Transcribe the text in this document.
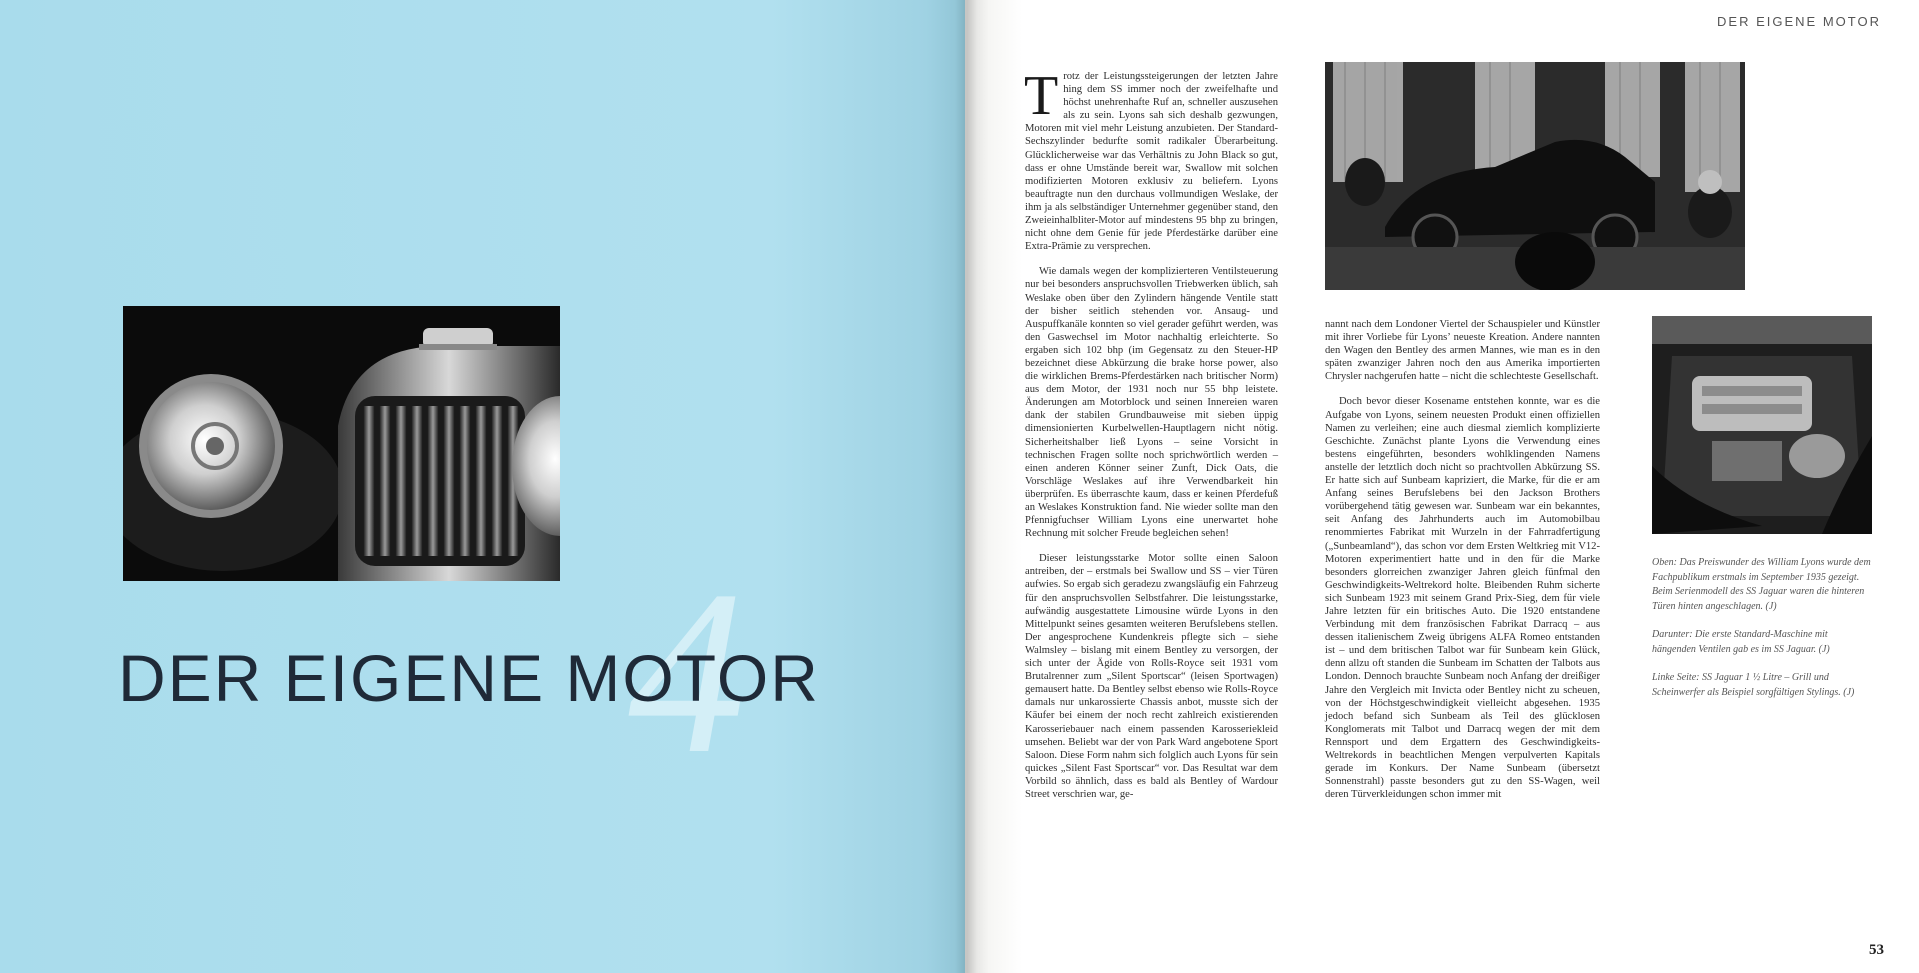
4
DER EIGENE MOTOR
DER EIGENE MOTOR

Trotz der Leistungssteigerungen der letzten Jahre hing dem SS immer noch der zweifelhafte und höchst unehrenhafte Ruf an, schneller auszusehen als zu sein. Lyons sah sich deshalb gezwungen, Motoren mit viel mehr Leistung anzubieten. Der Standard-Sechszylinder bedurfte somit radikaler Überarbeitung. Glücklicherweise war das Verhältnis zu John Black so gut, dass er ohne Umstände bereit war, Swallow mit solchen modifizierten Motoren exklusiv zu beliefern. Lyons beauftragte nun den durchaus vollmundigen Weslake, der ihm ja als selbständiger Unternehmer gegenüber stand, den Zweieinhalbliter-Motor auf mindestens 95 bhp zu bringen, nicht ohne dem Genie für jede Pferdestärke darüber eine Extra-Prämie zu versprechen.

Wie damals wegen der komplizierteren Ventilsteuerung nur bei besonders anspruchsvollen Triebwerken üblich, sah Weslake oben über den Zylindern hängende Ventile statt der bisher seitlich stehenden vor. Ansaug- und Auspuffkanäle konnten so viel gerader geführt werden, was den Gaswechsel im Motor nachhaltig erleichterte. So ergaben sich 102 bhp (im Gegensatz zu den Steuer-HP bezeichnet diese Abkürzung die brake horse power, also die wirklichen Brems-Pferdestärken nach britischer Norm) aus dem Motor, der 1931 noch nur 55 bhp leistete. Änderungen am Motorblock und seinen Innereien waren dank der stabilen Grundbauweise mit sieben üppig dimensionierten Kurbelwellen-Hauptlagern nicht nötig. Sicherheitshalber ließ Lyons – seine Vorsicht in technischen Fragen sollte noch sprichwörtlich werden – einen anderen Könner seiner Zunft, Dick Oats, die Vorschläge Weslakes auf ihre Verwendbarkeit hin überprüfen. Es überraschte kaum, dass er keinen Pferdefuß an Weslakes Konstruktion fand. Nie wieder sollte man den Pfennigfuchser William Lyons eine unerwartet hohe Rechnung mit solcher Freude begleichen sehen!

Dieser leistungsstarke Motor sollte einen Saloon antreiben, der – erstmals bei Swallow und SS – vier Türen aufwies. So ergab sich geradezu zwangsläufig ein Fahrzeug für den anspruchsvollen Selbstfahrer. Die leistungsstarke, aufwändig ausgestattete Limousine würde Lyons in den Mittelpunkt seines gesamten weiteren Berufslebens stellen. Der angesprochene Kundenkreis pflegte sich – siehe Walmsley – bislang mit einem Bentley zu versorgen, der sich unter der Ägide von Rolls-Royce seit 1931 vom Brutalrenner zum „Silent Sportscar“ (leisen Sportwagen) gemausert hatte. Da Bentley selbst ebenso wie Rolls-Royce damals nur unkarossierte Chassis anbot, musste sich der Käufer bei einem der noch recht zahlreich existierenden Karosseriebauer nach einem passenden Karosseriekleid umsehen. Beliebt war der von Park Ward angebotene Sport Saloon. Diese Form nahm sich folglich auch Lyons für sein quickes „Silent Fast Sportscar“ vor. Das Resultat war dem Vorbild so ähnlich, dass es bald als Bentley of Wardour Street verschrien war, ge-

nannt nach dem Londoner Viertel der Schauspieler und Künstler mit ihrer Vorliebe für Lyons’ neueste Kreation. Andere nannten den Wagen den Bentley des armen Mannes, wie man es in den späten zwanziger Jahren noch den aus Amerika importierten Chrysler nachgerufen hatte – nicht die schlechteste Gesellschaft.

Doch bevor dieser Kosename entstehen konnte, war es die Aufgabe von Lyons, seinem neuesten Produkt einen offiziellen Namen zu verleihen; eine auch diesmal ziemlich komplizierte Geschichte. Zunächst plante Lyons die Verwendung eines bestens eingeführten, besonders wohlklingenden Namens anstelle der letztlich doch nicht so prachtvollen Abkürzung SS. Er hatte sich auf Sunbeam kapriziert, die Marke, für die er am Anfang seines Berufslebens bei den Jackson Brothers vorübergehend tätig gewesen war. Sunbeam war ein bekanntes, seit Anfang des Jahrhunderts auch im Automobilbau renommiertes Fabrikat mit Wurzeln in der Fahrradfertigung („Sunbeamland“), das schon vor dem Ersten Weltkrieg mit V12-Motoren experimentiert hatte und in den für die Marke besonders glorreichen zwanziger Jahren gleich fünfmal den Geschwindigkeits-Weltrekord holte. Bleibenden Ruhm sicherte sich Sunbeam 1923 mit seinem Grand Prix-Sieg, dem für viele Jahre letzten für ein britisches Auto. Die 1920 entstandene Verbindung mit dem französischen Fabrikat Darracq – aus dessen italienischem Zweig übrigens ALFA Romeo entstanden ist – und dem britischen Talbot war für Sunbeam kein Glück, denn allzu oft standen die Sunbeam im Schatten der Talbots aus London. Dennoch brauchte Sunbeam noch Anfang der dreißiger Jahre den Vergleich mit Invicta oder Bentley nicht zu scheuen, von der Höchstgeschwindigkeit vielleicht abgesehen. 1935 jedoch befand sich Sunbeam als Teil des glücklosen Konglomerats mit Talbot und Darracq wegen der mit dem Rennsport und dem Ergattern des Geschwindigkeits-Weltrekords in beachtlichen Mengen verpulverten Kapitals gerade im Konkurs. Der Name Sunbeam (übersetzt Sonnenstrahl) passte besonders gut zu den SS-Wagen, weil deren Türverkleidungen schon immer mit

Oben: Das Preiswunder des William Lyons wurde dem Fachpublikum erstmals im September 1935 gezeigt. Beim Serienmodell des SS Jaguar waren die hinteren Türen hinten angeschlagen. (J)

Darunter: Die erste Standard-Maschine mit hängenden Ventilen gab es im SS Jaguar. (J)

Linke Seite: SS Jaguar 1 ½ Litre – Grill und Scheinwerfer als Beispiel sorgfältigen Stylings. (J)

53
